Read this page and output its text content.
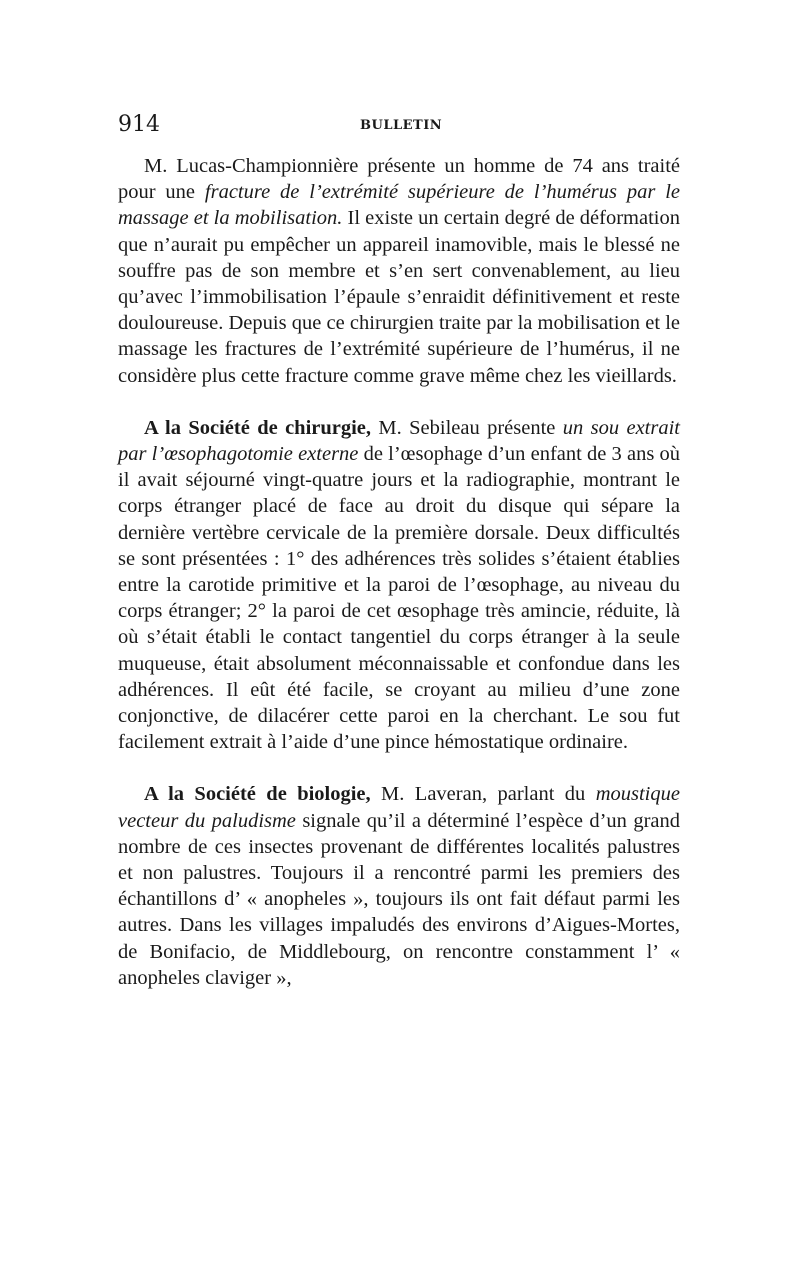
914	BULLETIN

M. Lucas-Championnière présente un homme de 74 ans traité pour une fracture de l’extrémité supérieure de l’humérus par le massage et la mobilisation. Il existe un certain degré de déformation que n’aurait pu empêcher un appareil inamovible, mais le blessé ne souffre pas de son membre et s’en sert convenablement, au lieu qu’avec l’immobilisation l’épaule s’enraidit définitivement et reste douloureuse. Depuis que ce chirurgien traite par la mobilisation et le massage les fractures de l’extrémité supérieure de l’humérus, il ne considère plus cette fracture comme grave même chez les vieillards.

A la Société de chirurgie, M. Sebileau présente un sou extrait par l’œsophagotomie externe de l’œsophage d’un enfant de 3 ans où il avait séjourné vingt-quatre jours et la radiographie, montrant le corps étranger placé de face au droit du disque qui sépare la dernière vertèbre cervicale de la première dorsale. Deux difficultés se sont présentées : 1° des adhérences très solides s’étaient établies entre la carotide primitive et la paroi de l’œsophage, au niveau du corps étranger; 2° la paroi de cet œsophage très amincie, réduite, là où s’était établi le contact tangentiel du corps étranger à la seule muqueuse, était absolument méconnaissable et confondue dans les adhérences. Il eût été facile, se croyant au milieu d’une zone conjonctive, de dilacérer cette paroi en la cherchant. Le sou fut facilement extrait à l’aide d’une pince hémostatique ordinaire.

A la Société de biologie, M. Laveran, parlant du moustique vecteur du paludisme signale qu’il a déterminé l’espèce d’un grand nombre de ces insectes provenant de différentes localités palustres et non palustres. Toujours il a rencontré parmi les premiers des échantillons d’ « anopheles », toujours ils ont fait défaut parmi les autres. Dans les villages impaludés des environs d’Aigues-Mortes, de Bonifacio, de Middlebourg, on rencontre constamment l’ « anopheles claviger »,
